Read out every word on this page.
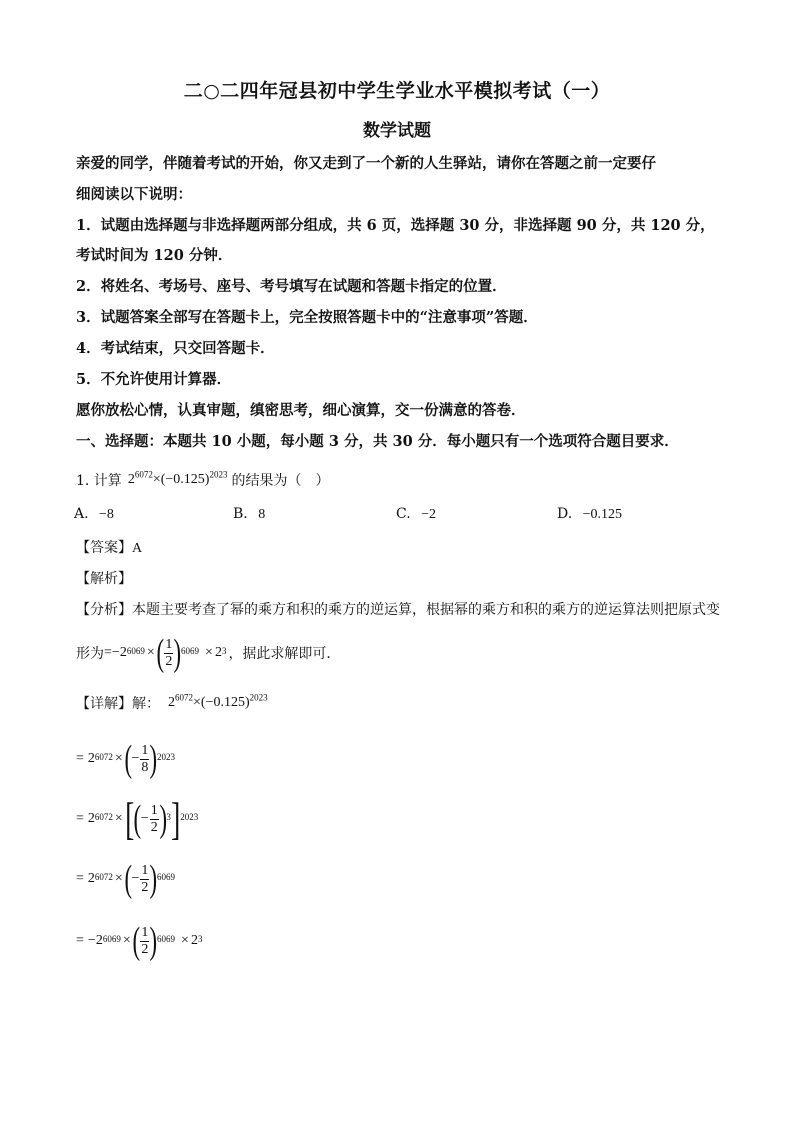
二○二四年冠县初中学生学业水平模拟考试（一）
数学试题
亲爱的同学，伴随着考试的开始，你又走到了一个新的人生驿站，请你在答题之前一定要仔
细阅读以下说明：
1．试题由选择题与非选择题两部分组成，共 6 页，选择题 30 分，非选择题 90 分，共 120 分，
考试时间为 120 分钟．
2．将姓名、考场号、座号、考号填写在试题和答题卡指定的位置．
3．试题答案全部写在答题卡上，完全按照答题卡中的“注意事项”答题．
4．考试结束，只交回答题卡．
5．不允许使用计算器．
愿你放松心情，认真审题，缜密思考，细心演算，交一份满意的答卷．
一、选择题：本题共 10 小题，每小题 3 分，共 30 分．每小题只有一个选项符合题目要求．
1. 计算 $2^{6072}\times(-0.125)^{2023}$ 的结果为（　）
A. −8	B. 8	C. −2	D. −0.125
【答案】A
【解析】
【分析】本题主要考查了幂的乘方和积的乘方的逆运算，根据幂的乘方和积的乘方的逆运算法则把原式变
形为 = − 2 6069 × ( $\frac{1}{2}$ ) 6069 × 2 3 ，据此求解即可．
【详解】 解： $2^{6072}\times(-0.125)^{2023}$
= 2 6072 × ( − $\frac{1}{8}$ ) 2023
= 2 6072 × [ ( − $\frac{1}{2}$ ) 3 ] 2023
= 2 6072 × ( − $\frac{1}{2}$ ) 6069
= − 2 6069 × ( $\frac{1}{2}$ ) 6069 × 2 3
